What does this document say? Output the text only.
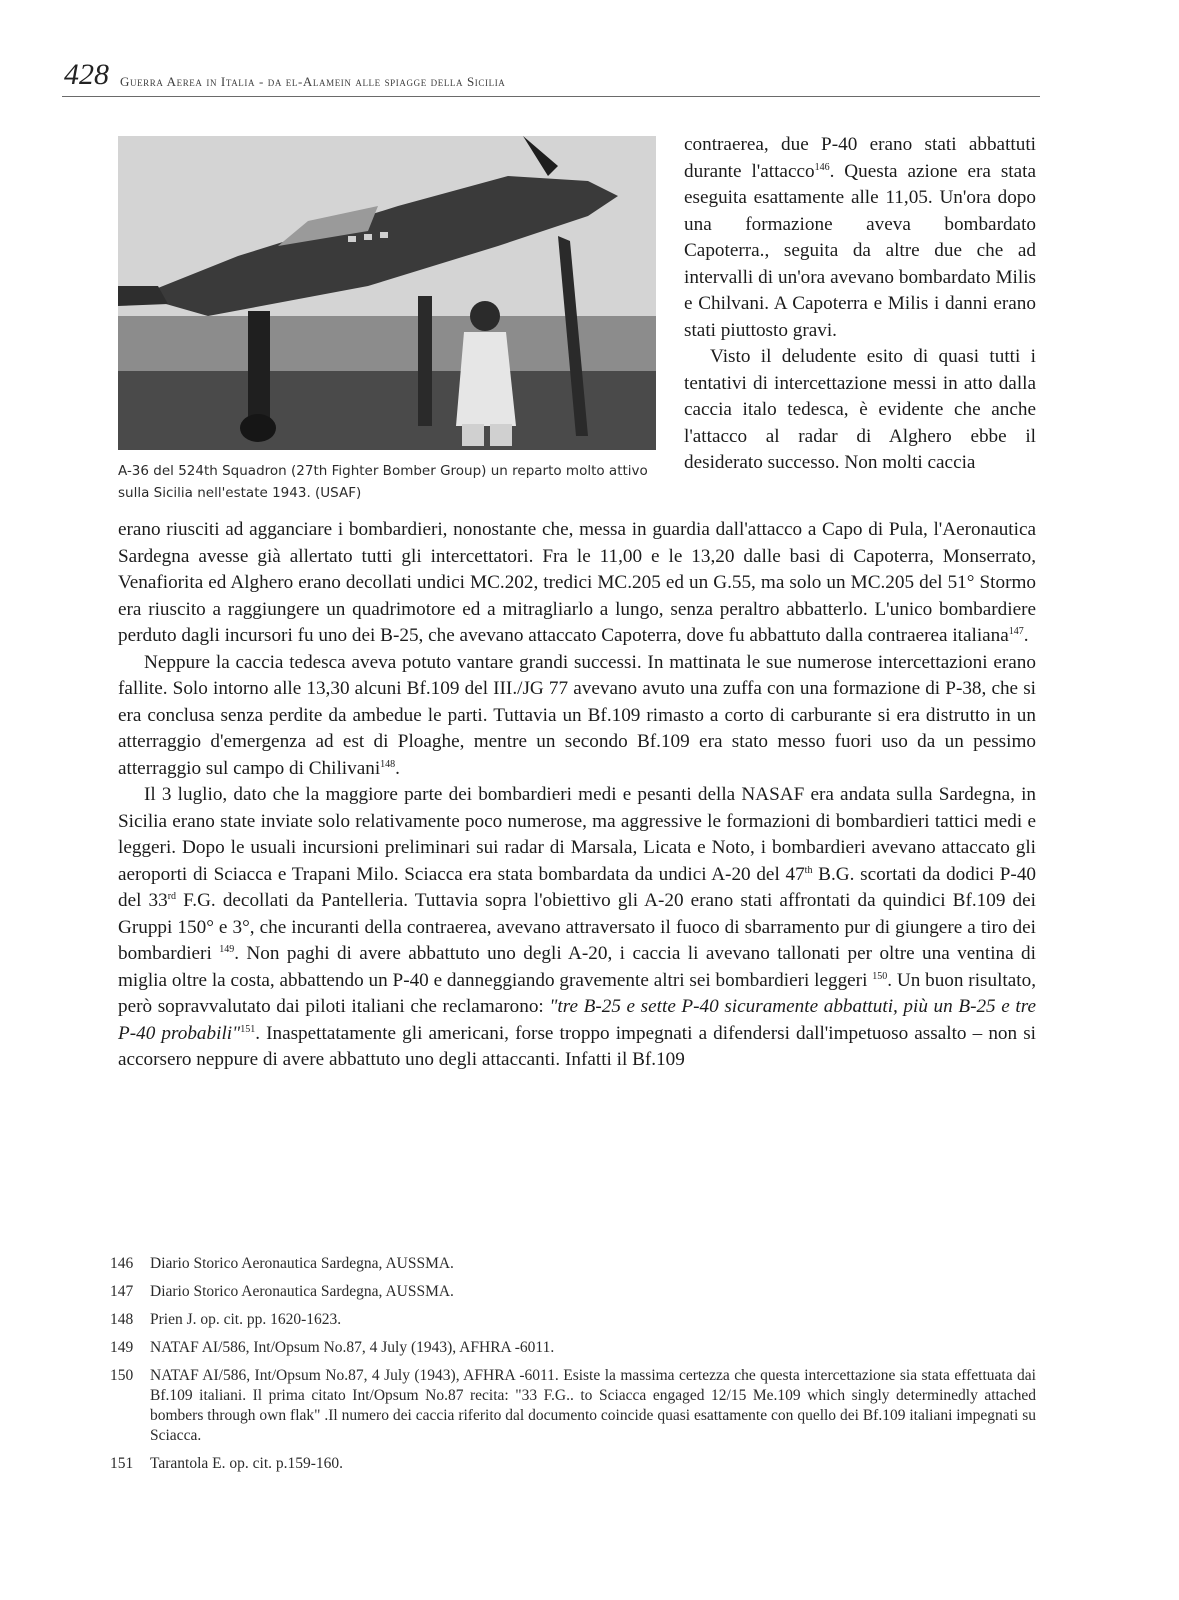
428 Guerra Aerea in Italia - da el-Alamein alle spiagge della Sicilia
A-36 del 524th Squadron (27th Fighter Bomber Group) un reparto molto attivo sulla Sicilia nell'estate 1943. (USAF)

contraerea, due P-40 erano stati abbattuti durante l'attacco$^{146}$. Questa azione era stata eseguita esattamente alle 11,05. Un'ora dopo una formazione aveva bombardato Capoterra., seguita da altre due che ad intervalli di un'ora avevano bombardato Milis e Chilvani. A Capoterra e Milis i danni erano stati piuttosto gravi.

Visto il deludente esito di quasi tutti i tentativi di intercettazione messi in atto dalla caccia italo tedesca, è evidente che anche l'attacco al radar di Alghero ebbe il desiderato successo. Non molti caccia

erano riusciti ad agganciare i bombardieri, nonostante che, messa in guardia dall'attacco a Capo di Pula, l'Aeronautica Sardegna avesse già allertato tutti gli intercettatori. Fra le 11,00 e le 13,20 dalle basi di Capoterra, Monserrato, Venafiorita ed Alghero erano decollati undici MC.202, tredici MC.205 ed un G.55, ma solo un MC.205 del 51° Stormo era riuscito a raggiungere un quadrimotore ed a mitragliarlo a lungo, senza peraltro abbatterlo. L'unico bombardiere perduto dagli incursori fu uno dei B-25, che avevano attaccato Capoterra, dove fu abbattuto dalla contraerea italiana$^{147}$.

Neppure la caccia tedesca aveva potuto vantare grandi successi. In mattinata le sue numerose intercettazioni erano fallite. Solo intorno alle 13,30 alcuni Bf.109 del III./JG 77 avevano avuto una zuffa con una formazione di P-38, che si era conclusa senza perdite da ambedue le parti. Tuttavia un Bf.109 rimasto a corto di carburante si era distrutto in un atterraggio d'emergenza ad est di Ploaghe, mentre un secondo Bf.109 era stato messo fuori uso da un pessimo atterraggio sul campo di Chilivani$^{148}$.

Il 3 luglio, dato che la maggiore parte dei bombardieri medi e pesanti della NASAF era andata sulla Sardegna, in Sicilia erano state inviate solo relativamente poco numerose, ma aggressive le formazioni di bombardieri tattici medi e leggeri. Dopo le usuali incursioni preliminari sui radar di Marsala, Licata e Noto, i bombardieri avevano attaccato gli aeroporti di Sciacca e Trapani Milo. Sciacca era stata bombardata da undici A-20 del 47th B.G. scortati da dodici P-40 del 33rd F.G. decollati da Pantelleria. Tuttavia sopra l'obiettivo gli A-20 erano stati affrontati da quindici Bf.109 dei Gruppi 150° e 3°, che incuranti della contraerea, avevano attraversato il fuoco di sbarramento pur di giungere a tiro dei bombardieri $^{149}$. Non paghi di avere abbattuto uno degli A-20, i caccia li avevano tallonati per oltre una ventina di miglia oltre la costa, abbattendo un P-40 e danneggiando gravemente altri sei bombardieri leggeri $^{150}$. Un buon risultato, però sopravvalutato dai piloti italiani che reclamarono: "tre B-25 e sette P-40 sicuramente abbattuti, più un B-25 e tre P-40 probabili"$^{151}$. Inaspettatamente gli americani, forse troppo impegnati a difendersi dall'impetuoso assalto – non si accorsero neppure di avere abbattuto uno degli attaccanti. Infatti il Bf.109

146	Diario Storico Aeronautica Sardegna, AUSSMA.
147	Diario Storico Aeronautica Sardegna, AUSSMA.
148	Prien J. op. cit. pp. 1620-1623.
149	NATAF AI/586, Int/Opsum No.87, 4 July (1943), AFHRA -6011.
150	NATAF AI/586, Int/Opsum No.87, 4 July (1943), AFHRA -6011. Esiste la massima certezza che questa intercettazione sia stata effettuata dai Bf.109 italiani. Il prima citato Int/Opsum No.87 recita: "33 F.G.. to Sciacca engaged 12/15 Me.109 which singly determinedly attached bombers through own flak" .Il numero dei caccia riferito dal documento coincide quasi esattamente con quello dei Bf.109 italiani impegnati su Sciacca.
151	Tarantola E. op. cit. p.159-160.
